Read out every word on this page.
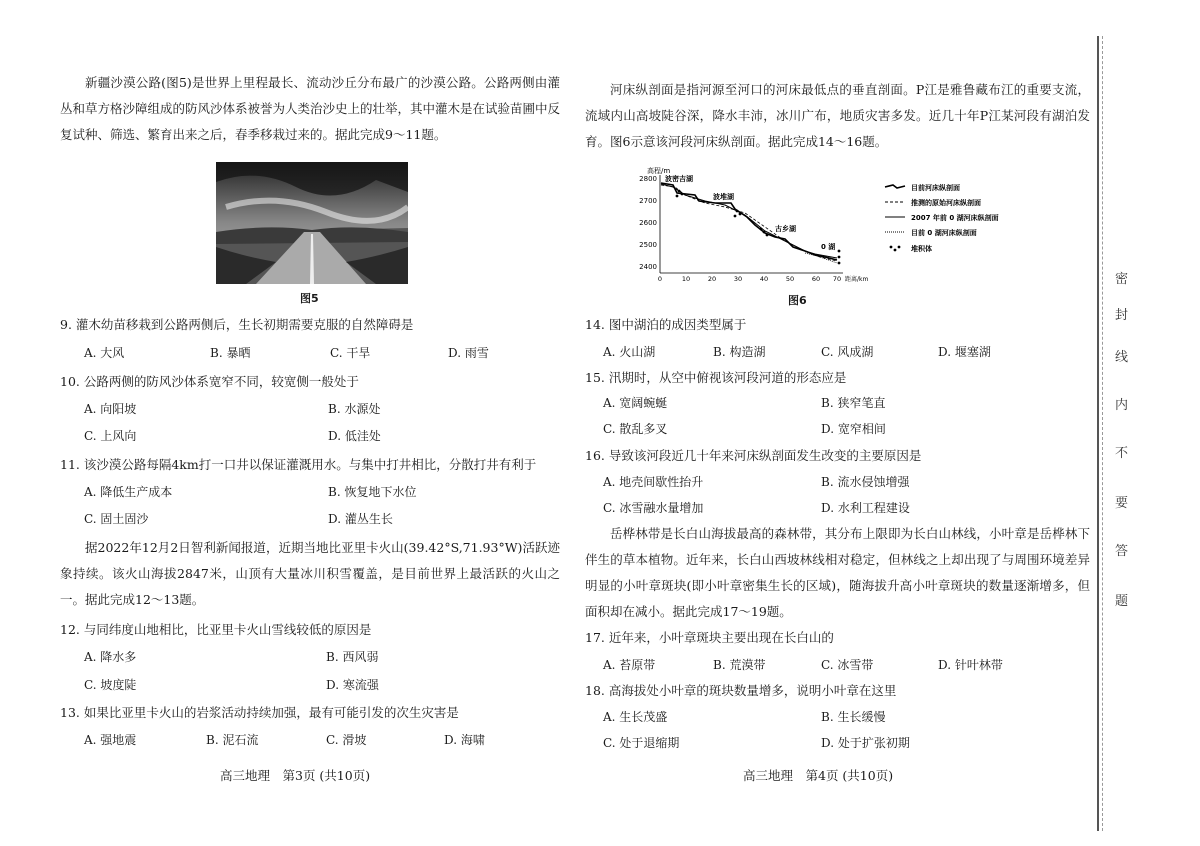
新疆沙漠公路(图5)是世界上里程最长、流动沙丘分布最广的沙漠公路。公路两侧由灌丛和草方格沙障组成的防风沙体系被誉为人类治沙史上的壮举，其中灌木是在试验苗圃中反复试种、筛选、繁育出来之后，春季移栽过来的。据此完成9～11题。
图5
9. 灌木幼苗移栽到公路两侧后，生长初期需要克服的自然障碍是
A. 大风	B. 暴晒	C. 干旱	D. 雨雪
10. 公路两侧的防风沙体系宽窄不同，较宽侧一般处于
A. 向阳坡	B. 水源处
C. 上风向	D. 低洼处
11. 该沙漠公路每隔4km打一口井以保证灌溉用水。与集中打井相比，分散打井有利于
A. 降低生产成本	B. 恢复地下水位
C. 固土固沙	D. 灌丛生长
据2022年12月2日智利新闻报道，近期当地比亚里卡火山(39.42°S,71.93°W)活跃迹象持续。该火山海拔2847米，山顶有大量冰川积雪覆盖，是目前世界上最活跃的火山之一。据此完成12～13题。
12. 与同纬度山地相比，比亚里卡火山雪线较低的原因是
A. 降水多	B. 西风弱
C. 坡度陡	D. 寒流强
13. 如果比亚里卡火山的岩浆活动持续加强，最有可能引发的次生灾害是
A. 强地震	B. 泥石流	C. 滑坡	D. 海啸
高三地理　第3页 (共10页)
河床纵剖面是指河源至河口的河床最低点的垂直剖面。P江是雅鲁藏布江的重要支流，流域内山高坡陡谷深，降水丰沛，冰川广布，地质灾害多发。近几十年P江某河段有湖泊发育。图6示意该河段河床纵剖面。据此完成14～16题。
高程/m
2800
2700
2600
2500
2400
0	10	20	30	40	50	60 70 距离/km
波密吉湖
波堆湖
古乡湖
0 湖
目前河床纵剖面
推测的原始河床纵剖面
2007 年前 0 湖河床纵剖面
目前 0 湖河床纵剖面
堆积体
图6
14. 图中湖泊的成因类型属于
A. 火山湖	B. 构造湖	C. 风成湖	D. 堰塞湖
15. 汛期时，从空中俯视该河段河道的形态应是
A. 宽阔蜿蜒	B. 狭窄笔直
C. 散乱多叉	D. 宽窄相间
16. 导致该河段近几十年来河床纵剖面发生改变的主要原因是
A. 地壳间歇性抬升	B. 流水侵蚀增强
C. 冰雪融水量增加	D. 水利工程建设
岳桦林带是长白山海拔最高的森林带，其分布上限即为长白山林线，小叶章是岳桦林下伴生的草本植物。近年来，长白山西坡林线相对稳定，但林线之上却出现了与周围环境差异明显的小叶章斑块(即小叶章密集生长的区域)，随海拔升高小叶章斑块的数量逐渐增多，但面积却在减小。据此完成17～19题。
17. 近年来，小叶章斑块主要出现在长白山的
A. 苔原带	B. 荒漠带	C. 冰雪带	D. 针叶林带
18. 高海拔处小叶章的斑块数量增多，说明小叶章在这里
A. 生长茂盛	B. 生长缓慢
C. 处于退缩期	D. 处于扩张初期
高三地理　第4页 (共10页)
密
封
线
内
不
要
答
题
